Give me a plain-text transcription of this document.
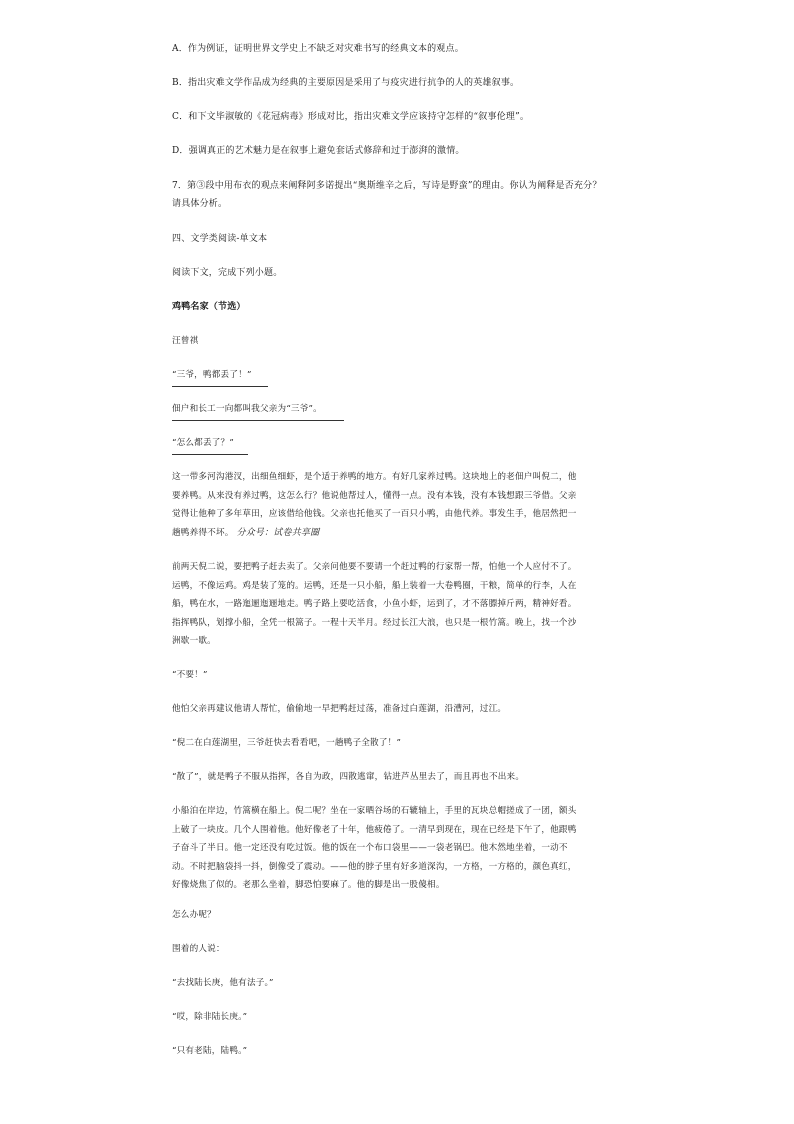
A．作为例证，证明世界文学史上不缺乏对灾难书写的经典文本的观点。

B．指出灾难文学作品成为经典的主要原因是采用了与疫灾进行抗争的人的英雄叙事。

C．和下文毕淑敏的《花冠病毒》形成对比，指出灾难文学应该持守怎样的“叙事伦理”。

D．强调真正的艺术魅力是在叙事上避免套话式修辞和过于澎湃的激情。

7．第③段中用布衣的观点来阐释阿多诺提出“奥斯维辛之后，写诗是野蛮”的理由。你认为阐释是否充分？
请具体分析。

四、文学类阅读-单文本

阅读下文，完成下列小题。

鸡鸭名家（节选）

汪曾祺

“三爷，鸭都丢了！”

佃户和长工一向都叫我父亲为“三爷”。

“怎么都丢了？”

这一带多河沟港汊，出细鱼细虾，是个适于养鸭的地方。有好几家养过鸭。这块地上的老佃户叫倪二，他
要养鸭。从来没有养过鸭，这怎么行？他说他帮过人，懂得一点。没有本钱，没有本钱想跟三爷借。父亲
觉得让他种了多年草田，应该借给他钱。父亲也托他买了一百只小鸭，由他代养。事发生手，他居然把一
趟鸭养得不坏。 分众号：试卷共享圈

前两天倪二说，要把鸭子赶去卖了。父亲问他要不要请一个赶过鸭的行家帮一帮，怕他一个人应付不了。
运鸭，不像运鸡。鸡是装了笼的。运鸭，还是一只小船，船上装着一大卷鸭圈，干粮，简单的行李，人在
船，鸭在水，一路迤逦迤逦地走。鸭子路上要吃活食，小鱼小虾，运到了，才不落膘掉斤两，精神好看。
指挥鸭队，划撑小船，全凭一根篙子。一程十天半月。经过长江大浪，也只是一根竹篙。晚上，找一个沙
洲歇一歇。

“不要！”

他怕父亲再建议他请人帮忙，偷偷地一早把鸭赶过荡，准备过白莲湖，沿漕河，过江。

“倪二在白莲湖里，三爷赶快去看看吧，一趟鸭子全散了！”

“散了”，就是鸭子不服从指挥，各自为政，四散逃窜，钻进芦丛里去了，而且再也不出来。

小船泊在岸边，竹篙横在船上。倪二呢？坐在一家晒谷场的石辘轴上，手里的瓦块总帽搓成了一团，额头
上破了一块皮。几个人围着他。他好像老了十年，他疲倦了。一清早到现在，现在已经是下午了，他跟鸭
子奋斗了半日。他一定还没有吃过饭。他的饭在一个布口袋里——一袋老锅巴。他木然地坐着，一动不
动。不时把脑袋抖一抖，倒像受了震动。——他的脖子里有好多道深沟，一方格，一方格的，颜色真红，
好像烧焦了似的。老那么坐着，脚恐怕要麻了。他的脚是出一股傻相。

怎么办呢？

围着的人说：

“去找陆长庚，他有法子。”

“哎，除非陆长庚。”

“只有老陆，陆鸭。”
